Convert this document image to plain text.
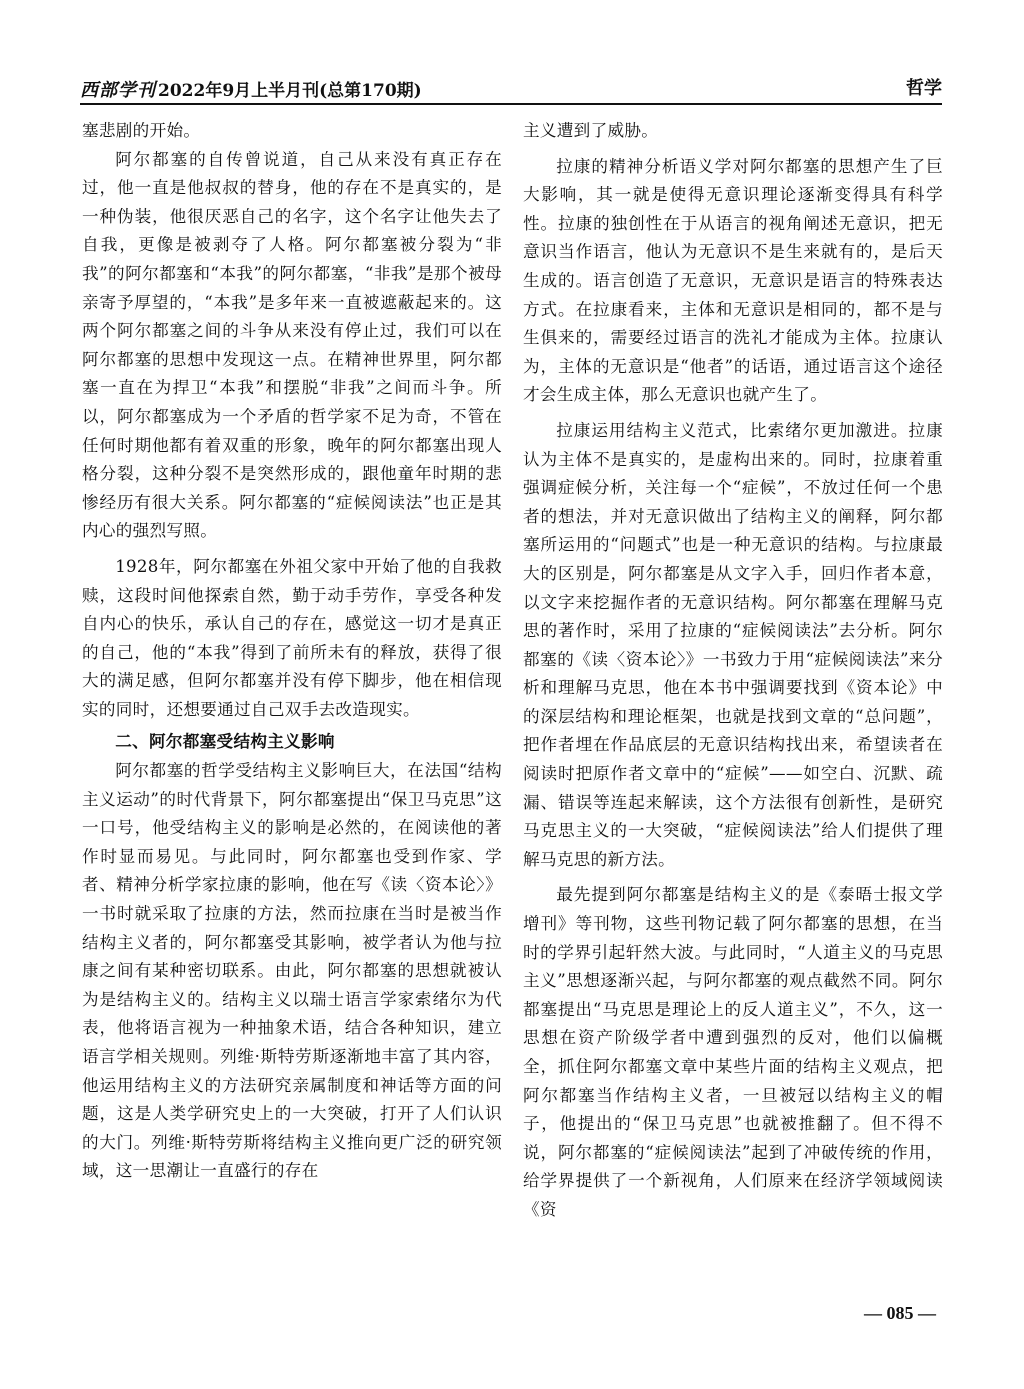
西部学刊 2022年9月上半月刊(总第170期)	哲学

塞悲剧的开始。

阿尔都塞的自传曾说道，自己从来没有真正存在过，他一直是他叔叔的替身，他的存在不是真实的，是一种伪装，他很厌恶自己的名字，这个名字让他失去了自我，更像是被剥夺了人格。阿尔都塞被分裂为“非我”的阿尔都塞和“本我”的阿尔都塞，“非我”是那个被母亲寄予厚望的，“本我”是多年来一直被遮蔽起来的。这两个阿尔都塞之间的斗争从来没有停止过，我们可以在阿尔都塞的思想中发现这一点。在精神世界里，阿尔都塞一直在为捍卫“本我”和摆脱“非我”之间而斗争。所以，阿尔都塞成为一个矛盾的哲学家不足为奇，不管在任何时期他都有着双重的形象，晚年的阿尔都塞出现人格分裂，这种分裂不是突然形成的，跟他童年时期的悲惨经历有很大关系。阿尔都塞的“症候阅读法”也正是其内心的强烈写照。

1928年，阿尔都塞在外祖父家中开始了他的自我救赎，这段时间他探索自然，勤于动手劳作，享受各种发自内心的快乐，承认自己的存在，感觉这一切才是真正的自己，他的“本我”得到了前所未有的释放，获得了很大的满足感，但阿尔都塞并没有停下脚步，他在相信现实的同时，还想要通过自己双手去改造现实。

二、阿尔都塞受结构主义影响

阿尔都塞的哲学受结构主义影响巨大，在法国“结构主义运动”的时代背景下，阿尔都塞提出“保卫马克思”这一口号，他受结构主义的影响是必然的，在阅读他的著作时显而易见。与此同时，阿尔都塞也受到作家、学者、精神分析学家拉康的影响，他在写《读〈资本论〉》一书时就采取了拉康的方法，然而拉康在当时是被当作结构主义者的，阿尔都塞受其影响，被学者认为他与拉康之间有某种密切联系。由此，阿尔都塞的思想就被认为是结构主义的。结构主义以瑞士语言学家索绪尔为代表，他将语言视为一种抽象术语，结合各种知识，建立语言学相关规则。列维·斯特劳斯逐渐地丰富了其内容，他运用结构主义的方法研究亲属制度和神话等方面的问题，这是人类学研究史上的一大突破，打开了人们认识的大门。列维·斯特劳斯将结构主义推向更广泛的研究领域，这一思潮让一直盛行的存在

主义遭到了威胁。

拉康的精神分析语义学对阿尔都塞的思想产生了巨大影响，其一就是使得无意识理论逐渐变得具有科学性。拉康的独创性在于从语言的视角阐述无意识，把无意识当作语言，他认为无意识不是生来就有的，是后天生成的。语言创造了无意识，无意识是语言的特殊表达方式。在拉康看来，主体和无意识是相同的，都不是与生俱来的，需要经过语言的洗礼才能成为主体。拉康认为，主体的无意识是“他者”的话语，通过语言这个途径才会生成主体，那么无意识也就产生了。

拉康运用结构主义范式，比索绪尔更加激进。拉康认为主体不是真实的，是虚构出来的。同时，拉康着重强调症候分析，关注每一个“症候”，不放过任何一个患者的想法，并对无意识做出了结构主义的阐释，阿尔都塞所运用的“问题式”也是一种无意识的结构。与拉康最大的区别是，阿尔都塞是从文字入手，回归作者本意，以文字来挖掘作者的无意识结构。阿尔都塞在理解马克思的著作时，采用了拉康的“症候阅读法”去分析。阿尔都塞的《读〈资本论〉》一书致力于用“症候阅读法”来分析和理解马克思，他在本书中强调要找到《资本论》中的深层结构和理论框架，也就是找到文章的“总问题”，把作者埋在作品底层的无意识结构找出来，希望读者在阅读时把原作者文章中的“症候”——如空白、沉默、疏漏、错误等连起来解读，这个方法很有创新性，是研究马克思主义的一大突破，“症候阅读法”给人们提供了理解马克思的新方法。

最先提到阿尔都塞是结构主义的是《泰晤士报文学增刊》等刊物，这些刊物记载了阿尔都塞的思想，在当时的学界引起轩然大波。与此同时，“人道主义的马克思主义”思想逐渐兴起，与阿尔都塞的观点截然不同。阿尔都塞提出“马克思是理论上的反人道主义”，不久，这一思想在资产阶级学者中遭到强烈的反对，他们以偏概全，抓住阿尔都塞文章中某些片面的结构主义观点，把阿尔都塞当作结构主义者，一旦被冠以结构主义的帽子，他提出的“保卫马克思”也就被推翻了。但不得不说，阿尔都塞的“症候阅读法”起到了冲破传统的作用，给学界提供了一个新视角，人们原来在经济学领域阅读《资

— 085 —
